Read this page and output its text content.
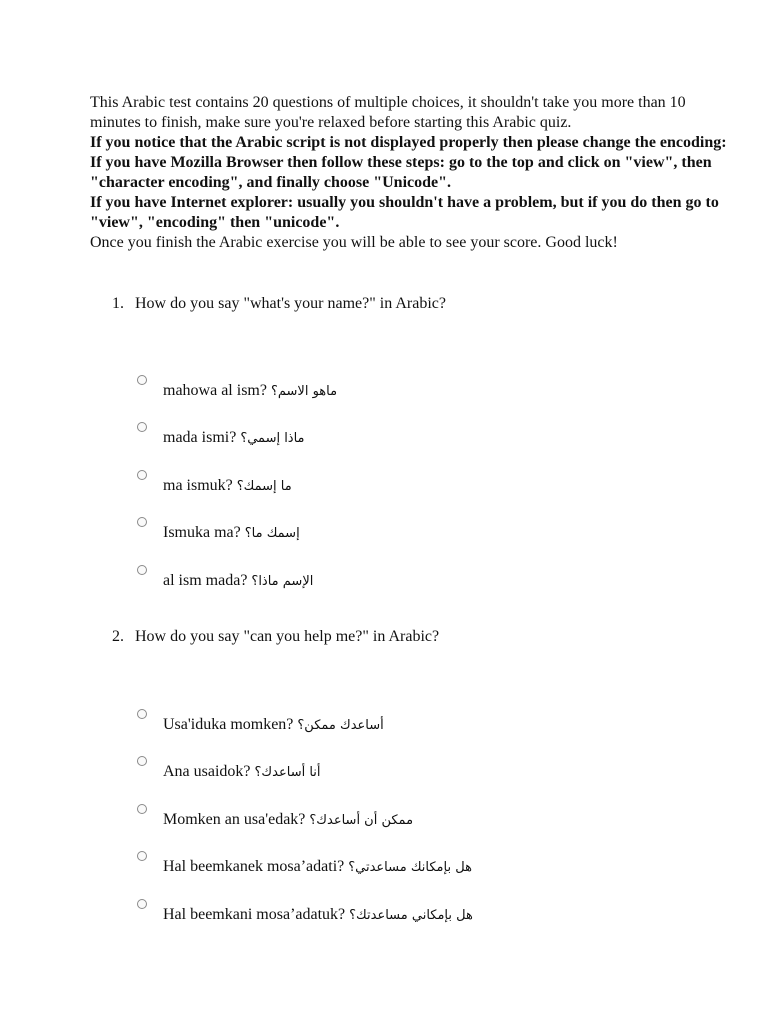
This Arabic test contains 20 questions of multiple choices, it shouldn't take you more than 10 minutes to finish, make sure you're relaxed before starting this Arabic quiz.

If you notice that the Arabic script is not displayed properly then please change the encoding:

If you have Mozilla Browser then follow these steps: go to the top and click on "view", then "character encoding", and finally choose "Unicode".

If you have Internet explorer: usually you shouldn't have a problem, but if you do then go to "view", "encoding" then "unicode".

Once you finish the Arabic exercise you will be able to see your score. Good luck!

1. How do you say "what's your name?" in Arabic?
mahowa al ism? ماهو الاسم؟
mada ismi? ماذا إسمي؟
ma ismuk? ما إسمك؟
Ismuka ma? إسمك ما؟
al ism mada? الإسم ماذا؟
2. How do you say "can you help me?" in Arabic?
Usa'iduka momken? أساعدك ممكن؟
Ana usaidok? أنا أساعدك؟
Momken an usa'edak? ممكن أن أساعدك؟
Hal beemkanek mosa’adati? هل بإمكانك مساعدتي؟
Hal beemkani mosa’adatuk? هل بإمكاني مساعدتك؟
